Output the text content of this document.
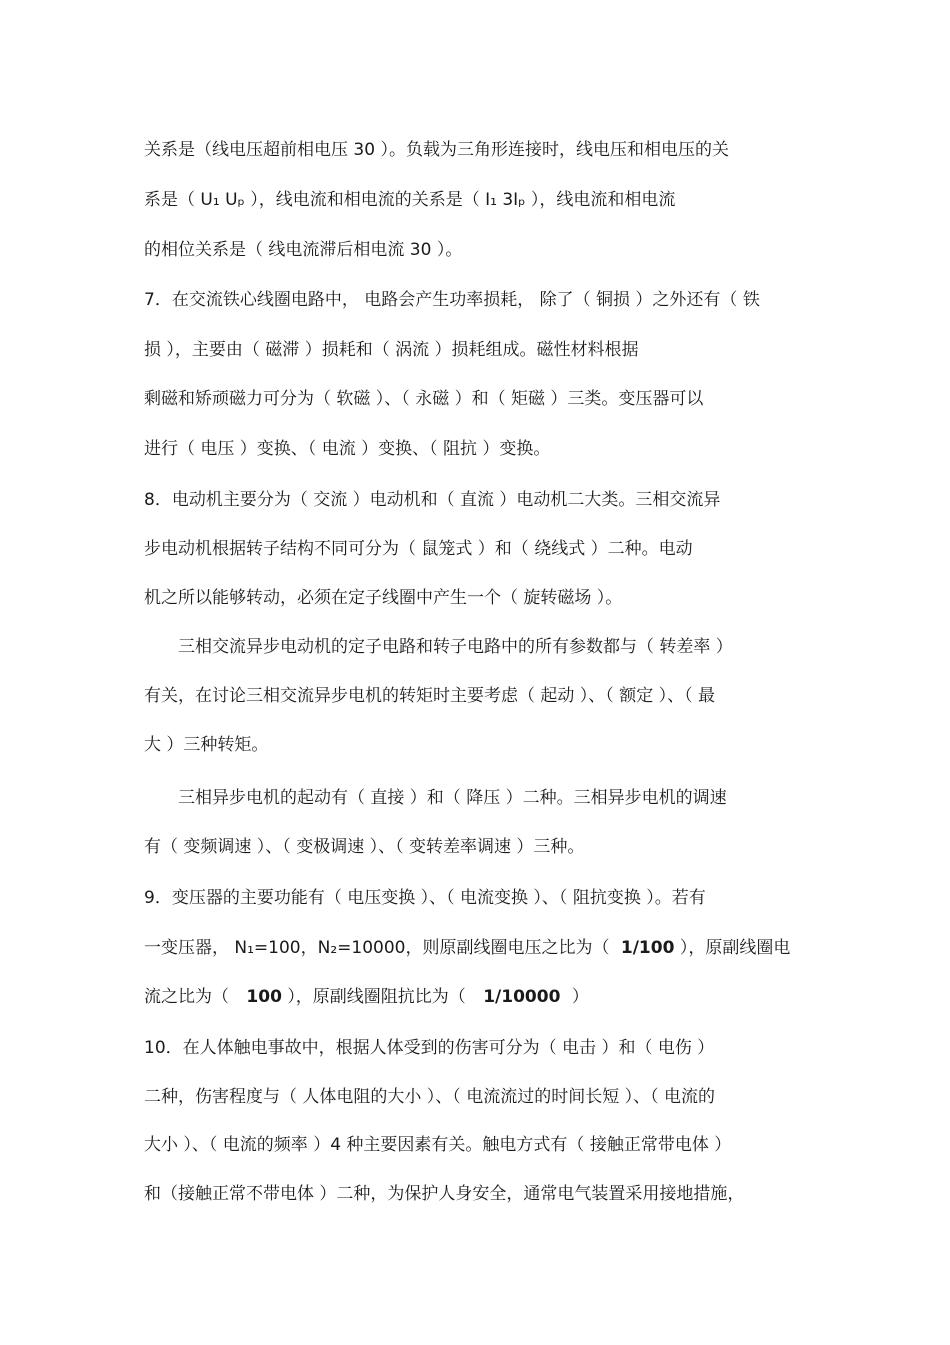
关系是（线电压超前相电压 30 ）。负载为三角形连接时，线电压和相电压的关
系是（ U₁ Uₚ ），线电流和相电流的关系是（ I₁ 3Iₚ ），线电流和相电流
的相位关系是（ 线电流滞后相电流 30 ）。
7．在交流铁心线圈电路中， 电路会产生功率损耗， 除了（ 铜损 ）之外还有（ 铁
损 ），主要由（ 磁滞 ）损耗和（ 涡流 ）损耗组成。磁性材料根据
剩磁和矫顽磁力可分为（ 软磁 ）、（ 永磁 ）和（ 矩磁 ）三类。变压器可以
进行（ 电压 ）变换、（ 电流 ）变换、（ 阻抗 ）变换。
8．电动机主要分为（ 交流 ）电动机和（ 直流 ）电动机二大类。三相交流异
步电动机根据转子结构不同可分为（ 鼠笼式 ）和（ 绕线式 ）二种。电动
机之所以能够转动，必须在定子线圈中产生一个（ 旋转磁场 ）。
三相交流异步电动机的定子电路和转子电路中的所有参数都与（ 转差率 ）
有关，在讨论三相交流异步电机的转矩时主要考虑（ 起动 ）、（ 额定 ）、（ 最
大 ）三种转矩。
三相异步电机的起动有（ 直接 ）和（ 降压 ）二种。三相异步电机的调速
有（ 变频调速 ）、（ 变极调速 ）、（ 变转差率调速 ）三种。
9．变压器的主要功能有（ 电压变换 ）、（ 电流变换 ）、（ 阻抗变换 ）。若有
一变压器， N₁=100，N₂=10000，则原副线圈电压之比为（ 1/100 ），原副线圈电
流之比为（ 100 ），原副线圈阻抗比为（ 1/10000 ）
10．在人体触电事故中，根据人体受到的伤害可分为（ 电击 ）和（ 电伤 ）
二种，伤害程度与（ 人体电阻的大小 ）、（ 电流流过的时间长短 ）、（ 电流的
大小 ）、（ 电流的频率 ）4 种主要因素有关。触电方式有（ 接触正常带电体 ）
和（接触正常不带电体 ）二种，为保护人身安全，通常电气装置采用接地措施，
